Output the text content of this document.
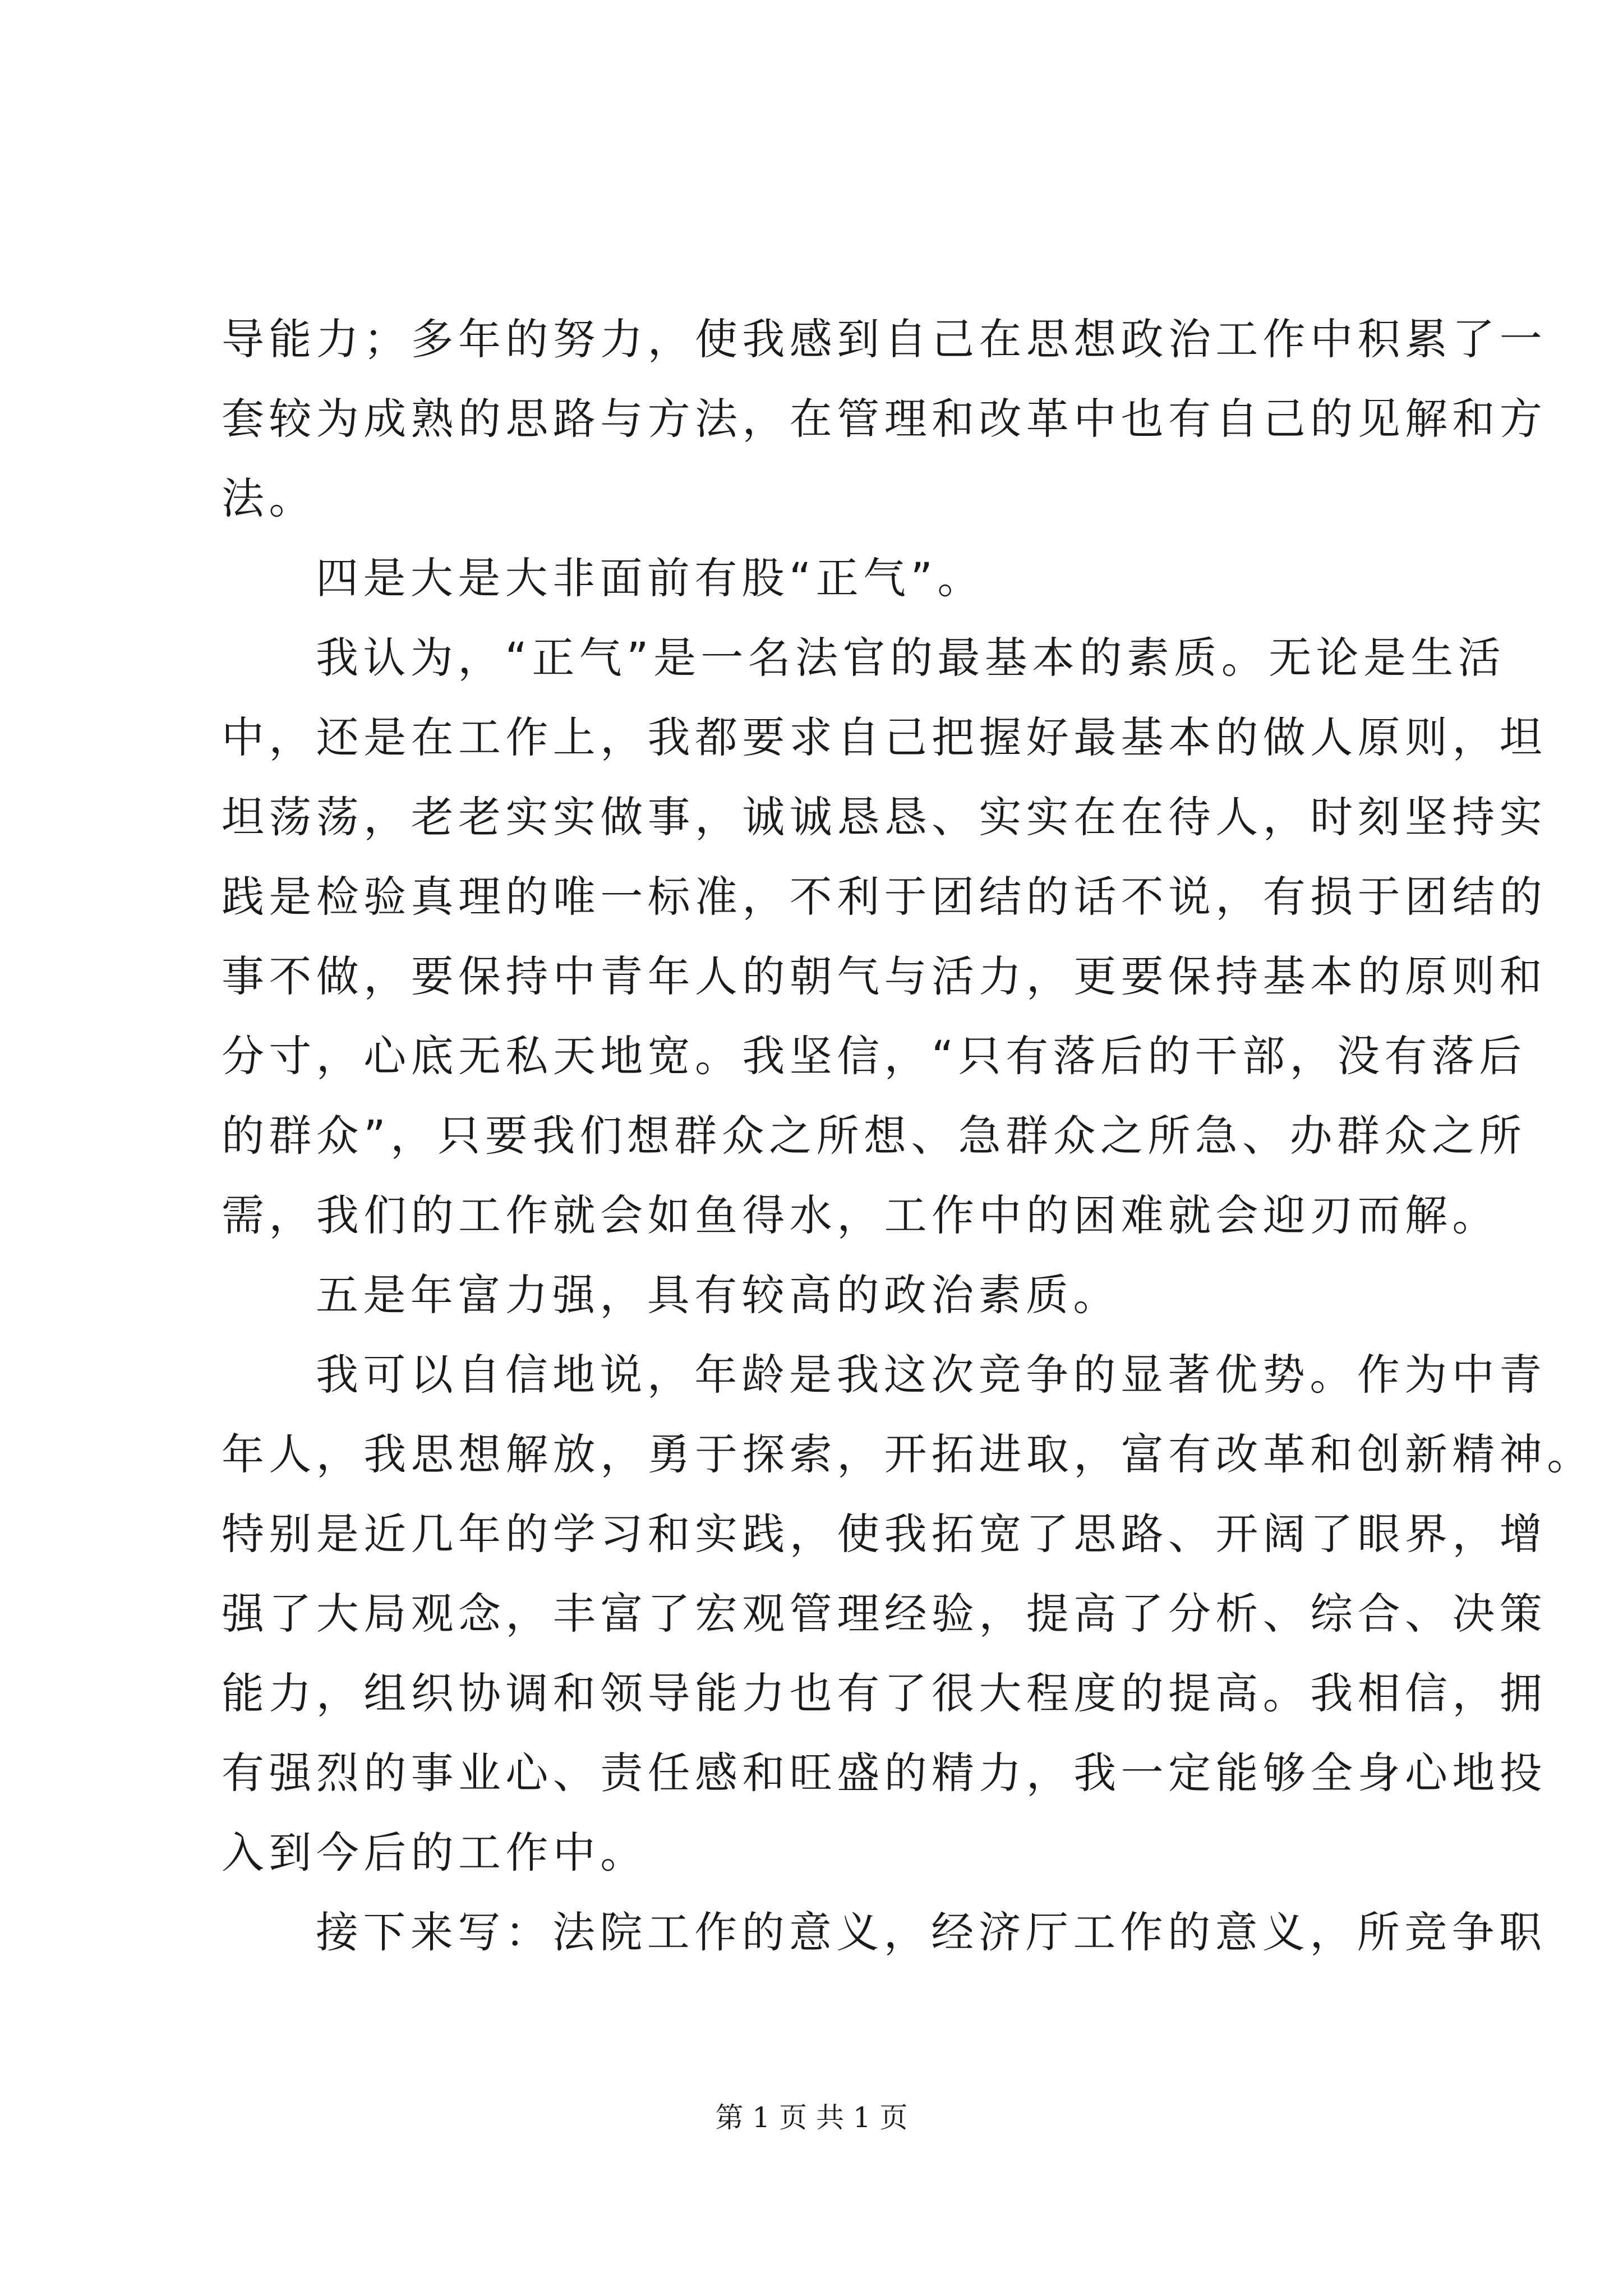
导能力；多年的努力，使我感到自己在思想政治工作中积累了一
套较为成熟的思路与方法，在管理和改革中也有自己的见解和方
法。
四是大是大非面前有股“正气”。
我认为，“正气”是一名法官的最基本的素质。无论是生活
中，还是在工作上，我都要求自己把握好最基本的做人原则，坦
坦荡荡，老老实实做事，诚诚恳恳、实实在在待人，时刻坚持实
践是检验真理的唯一标准，不利于团结的话不说，有损于团结的
事不做，要保持中青年人的朝气与活力，更要保持基本的原则和
分寸，心底无私天地宽。我坚信，“只有落后的干部，没有落后
的群众”，只要我们想群众之所想、急群众之所急、办群众之所
需，我们的工作就会如鱼得水，工作中的困难就会迎刃而解。
五是年富力强，具有较高的政治素质。
我可以自信地说，年龄是我这次竞争的显著优势。作为中青
年人，我思想解放，勇于探索，开拓进取，富有改革和创新精神。
特别是近几年的学习和实践，使我拓宽了思路、开阔了眼界，增
强了大局观念，丰富了宏观管理经验，提高了分析、综合、决策
能力，组织协调和领导能力也有了很大程度的提高。我相信，拥
有强烈的事业心、责任感和旺盛的精力，我一定能够全身心地投
入到今后的工作中。
接下来写：法院工作的意义，经济厅工作的意义，所竞争职
第 1 页 共 1 页
